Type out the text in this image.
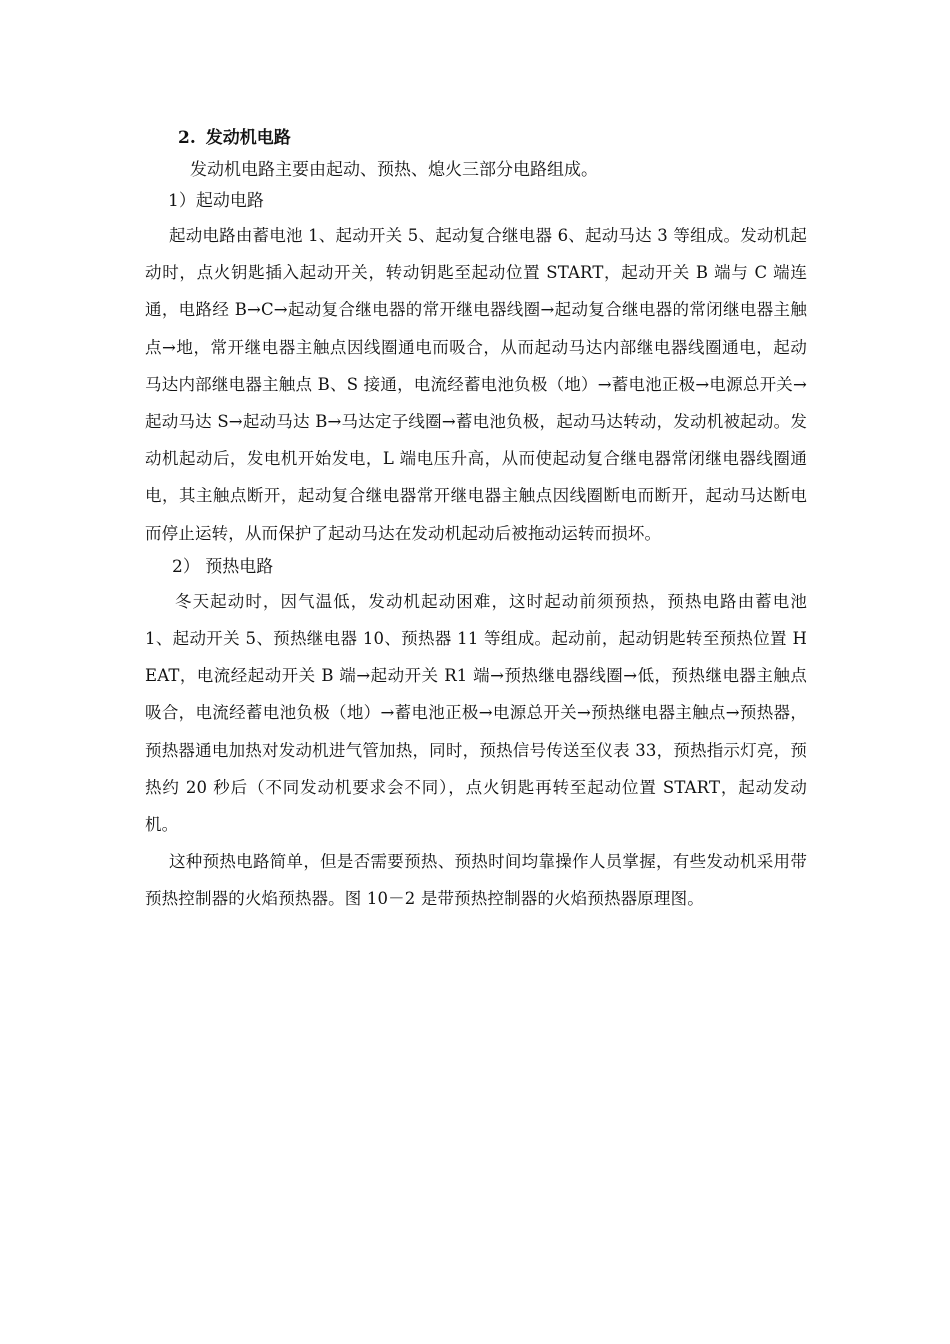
2. 发动机电路

发动机电路主要由起动、预热、熄火三部分电路组成。

1）起动电路

起动电路由蓄电池 1、起动开关 5、起动复合继电器 6、起动马达 3 等组成。发动机起动时，点火钥匙插入起动开关，转动钥匙至起动位置 START，起动开关 B 端与 C 端连通，电路经 B→C→起动复合继电器的常开继电器线圈→起动复合继电器的常闭继电器主触点→地，常开继电器主触点因线圈通电而吸合，从而起动马达内部继电器线圈通电，起动马达内部继电器主触点 B、S 接通，电流经蓄电池负极（地）→蓄电池正极→电源总开关→起动马达 S→起动马达 B→马达定子线圈→蓄电池负极，起动马达转动，发动机被起动。发动机起动后，发电机开始发电，L 端电压升高，从而使起动复合继电器常闭继电器线圈通电，其主触点断开，起动复合继电器常开继电器主触点因线圈断电而断开，起动马达断电而停止运转，从而保护了起动马达在发动机起动后被拖动运转而损坏。

2） 预热电路

冬天起动时，因气温低，发动机起动困难，这时起动前须预热，预热电路由蓄电池 1、起动开关 5、预热继电器 10、预热器 11 等组成。起动前，起动钥匙转至预热位置 HEAT，电流经起动开关 B 端→起动开关 R1 端→预热继电器线圈→低，预热继电器主触点吸合，电流经蓄电池负极（地）→蓄电池正极→电源总开关→预热继电器主触点→预热器，预热器通电加热对发动机进气管加热，同时，预热信号传送至仪表 33，预热指示灯亮，预热约 20 秒后（不同发动机要求会不同），点火钥匙再转至起动位置 START，起动发动机。

这种预热电路简单，但是否需要预热、预热时间均靠操作人员掌握，有些发动机采用带预热控制器的火焰预热器。图 10－2 是带预热控制器的火焰预热器原理图。
